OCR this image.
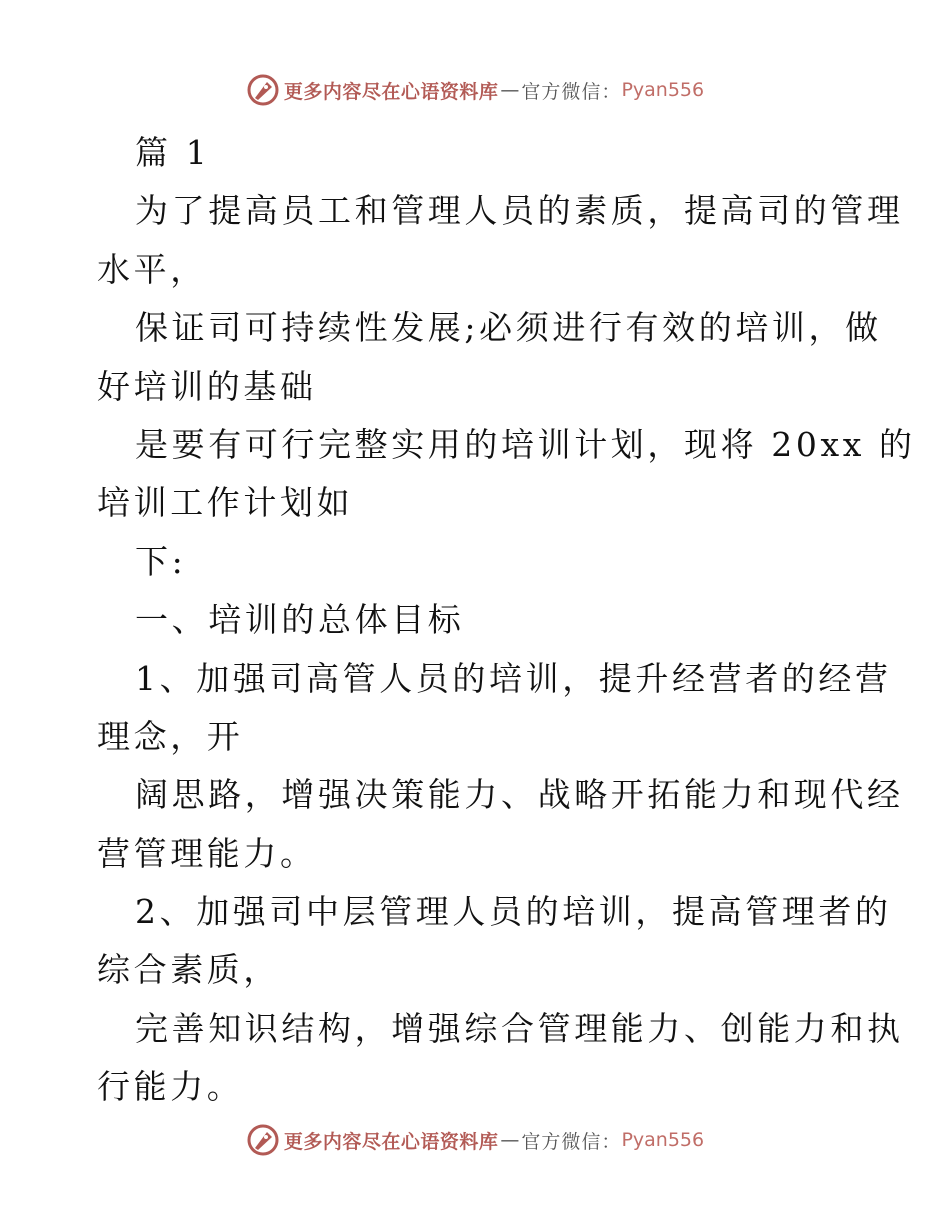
更多内容尽在心语资料库 — 官方微信： Pyan556
篇 1
为了提高员工和管理人员的素质，提高司的管理
水平，
保证司可持续性发展;必须进行有效的培训，做
好培训的基础
是要有可行完整实用的培训计划，现将 20xx 的
培训工作计划如
下:
一、培训的总体目标
1、加强司高管人员的培训，提升经营者的经营
理念，开
阔思路，增强决策能力、战略开拓能力和现代经
营管理能力。
2、加强司中层管理人员的培训，提高管理者的
综合素质，
完善知识结构，增强综合管理能力、创能力和执
行能力。
更多内容尽在心语资料库 — 官方微信： Pyan556
